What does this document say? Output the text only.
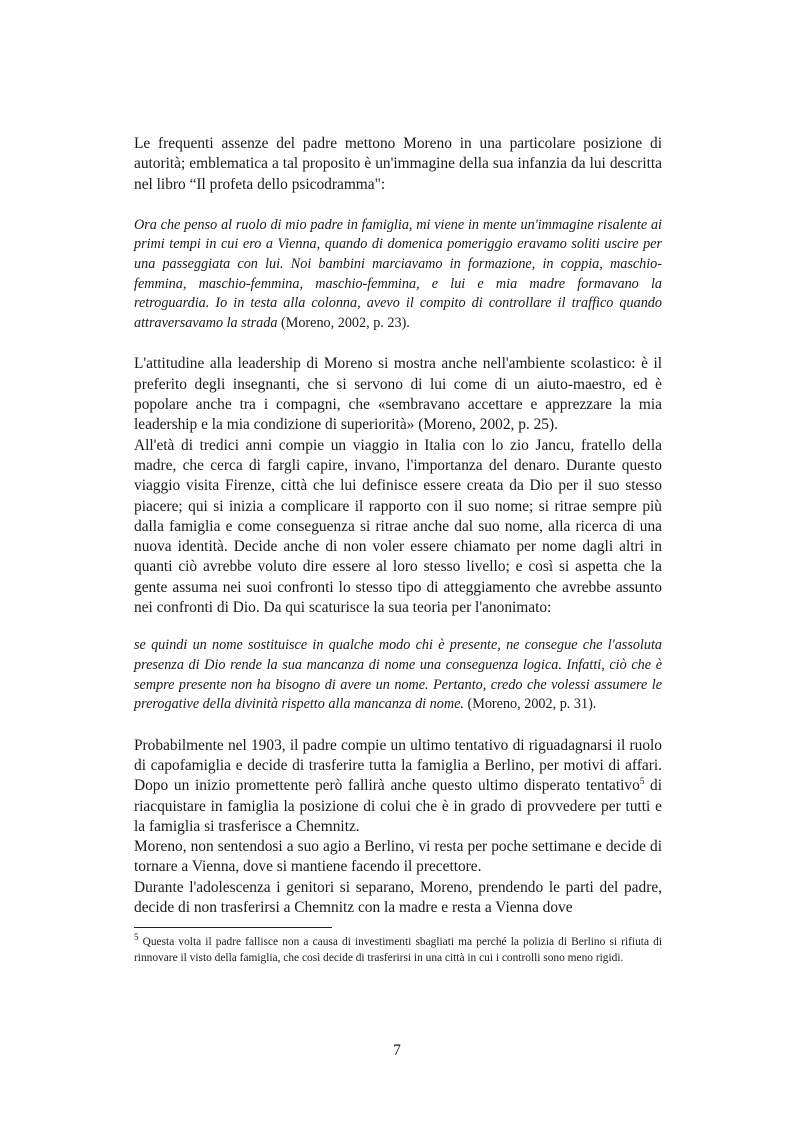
Le frequenti assenze del padre mettono Moreno in una particolare posizione di autorità; emblematica a tal proposito è un'immagine della sua infanzia da lui descritta nel libro “Il profeta dello psicodramma":

Ora che penso al ruolo di mio padre in famiglia, mi viene in mente un'immagine risalente ai primi tempi in cui ero a Vienna, quando di domenica pomeriggio eravamo soliti uscire per una passeggiata con lui. Noi bambini marciavamo in formazione, in coppia, maschio-femmina, maschio-femmina, maschio-femmina, e lui e mia madre formavano la retroguardia. Io in testa alla colonna, avevo il compito di controllare il traffico quando attraversavamo la strada (Moreno, 2002, p. 23).

L'attitudine alla leadership di Moreno si mostra anche nell'ambiente scolastico: è il preferito degli insegnanti, che si servono di lui come di un aiuto-maestro, ed è popolare anche tra i compagni, che «sembravano accettare e apprezzare la mia leadership e la mia condizione di superiorità» (Moreno, 2002, p. 25).

All'età di tredici anni compie un viaggio in Italia con lo zio Jancu, fratello della madre, che cerca di fargli capire, invano, l'importanza del denaro. Durante questo viaggio visita Firenze, città che lui definisce essere creata da Dio per il suo stesso piacere; qui si inizia a complicare il rapporto con il suo nome; si ritrae sempre più dalla famiglia e come conseguenza si ritrae anche dal suo nome, alla ricerca di una nuova identità. Decide anche di non voler essere chiamato per nome dagli altri in quanti ciò avrebbe voluto dire essere al loro stesso livello; e così si aspetta che la gente assuma nei suoi confronti lo stesso tipo di atteggiamento che avrebbe assunto nei confronti di Dio. Da qui scaturisce la sua teoria per l'anonimato:

se quindi un nome sostituisce in qualche modo chi è presente, ne consegue che l'assoluta presenza di Dio rende la sua mancanza di nome una conseguenza logica. Infatti, ciò che è sempre presente non ha bisogno di avere un nome. Pertanto, credo che volessi assumere le prerogative della divinità rispetto alla mancanza di nome. (Moreno, 2002, p. 31).

Probabilmente nel 1903, il padre compie un ultimo tentativo di riguadagnarsi il ruolo di capofamiglia e decide di trasferire tutta la famiglia a Berlino, per motivi di affari. Dopo un inizio promettente però fallirà anche questo ultimo disperato tentativo$^5$ di riacquistare in famiglia la posizione di colui che è in grado di provvedere per tutti e la famiglia si trasferisce a Chemnitz.

Moreno, non sentendosi a suo agio a Berlino, vi resta per poche settimane e decide di tornare a Vienna, dove si mantiene facendo il precettore.

Durante l'adolescenza i genitori si separano, Moreno, prendendo le parti del padre, decide di non trasferirsi a Chemnitz con la madre e resta a Vienna dove

$^5$ Questa volta il padre fallisce non a causa di investimenti sbagliati ma perché la polizia di Berlino si rifiuta di rinnovare il visto della famiglia, che così decide di trasferirsi in una città in cui i controlli sono meno rigidi.

7
